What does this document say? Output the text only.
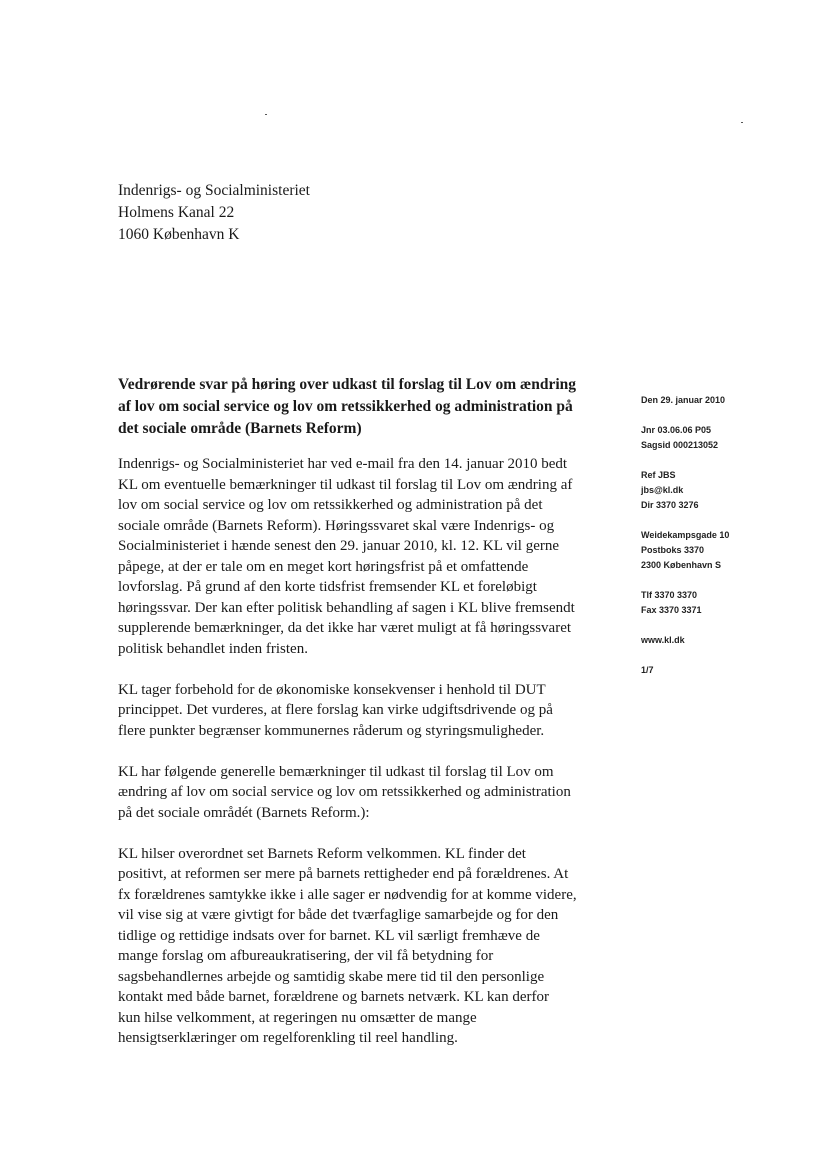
Indenrigs- og Socialministeriet
Holmens Kanal 22
1060 København K
Vedrørende svar på høring over udkast til forslag til Lov om ændring
af lov om social service og lov om retssikkerhed og administration på
det sociale område (Barnets Reform)
Indenrigs- og Socialministeriet har ved e-mail fra den 14. januar 2010 bedt
KL om eventuelle bemærkninger til udkast til forslag til Lov om ændring af
lov om social service og lov om retssikkerhed og administration på det
sociale område (Barnets Reform). Høringssvaret skal være Indenrigs- og
Socialministeriet i hænde senest den 29. januar 2010, kl. 12. KL vil gerne
påpege, at der er tale om en meget kort høringsfrist på et omfattende
lovforslag. På grund af den korte tidsfrist fremsender KL et foreløbigt
høringssvar. Der kan efter politisk behandling af sagen i KL blive fremsendt
supplerende bemærkninger, da det ikke har været muligt at få høringssvaret
politisk behandlet inden fristen.
KL tager forbehold for de økonomiske konsekvenser i henhold til DUT
princippet. Det vurderes, at flere forslag kan virke udgiftsdrivende og på
flere punkter begrænser kommunernes råderum og styringsmuligheder.
KL har følgende generelle bemærkninger til udkast til forslag til Lov om
ændring af lov om social service og lov om retssikkerhed og administration
på det sociale områdét (Barnets Reform.):
KL hilser overordnet set Barnets Reform velkommen. KL finder det
positivt, at reformen ser mere på barnets rettigheder end på forældrenes. At
fx forældrenes samtykke ikke i alle sager er nødvendig for at komme videre,
vil vise sig at være givtigt for både det tværfaglige samarbejde og for den
tidlige og rettidige indsats over for barnet. KL vil særligt fremhæve de
mange forslag om afbureaukratisering, der vil få betydning for
sagsbehandlernes arbejde og samtidig skabe mere tid til den personlige
kontakt med både barnet, forældrene og barnets netværk. KL kan derfor
kun hilse velkomment, at regeringen nu omsætter de mange
hensigtserklæringer om regelforenkling til reel handling.
Den 29. januar 2010
Jnr 03.06.06 P05
Sagsid 000213052
Ref JBS
jbs@kl.dk
Dir 3370 3276
Weidekampsgade 10
Postboks 3370
2300 København S
Tlf 3370 3370
Fax 3370 3371
www.kl.dk
1/7
